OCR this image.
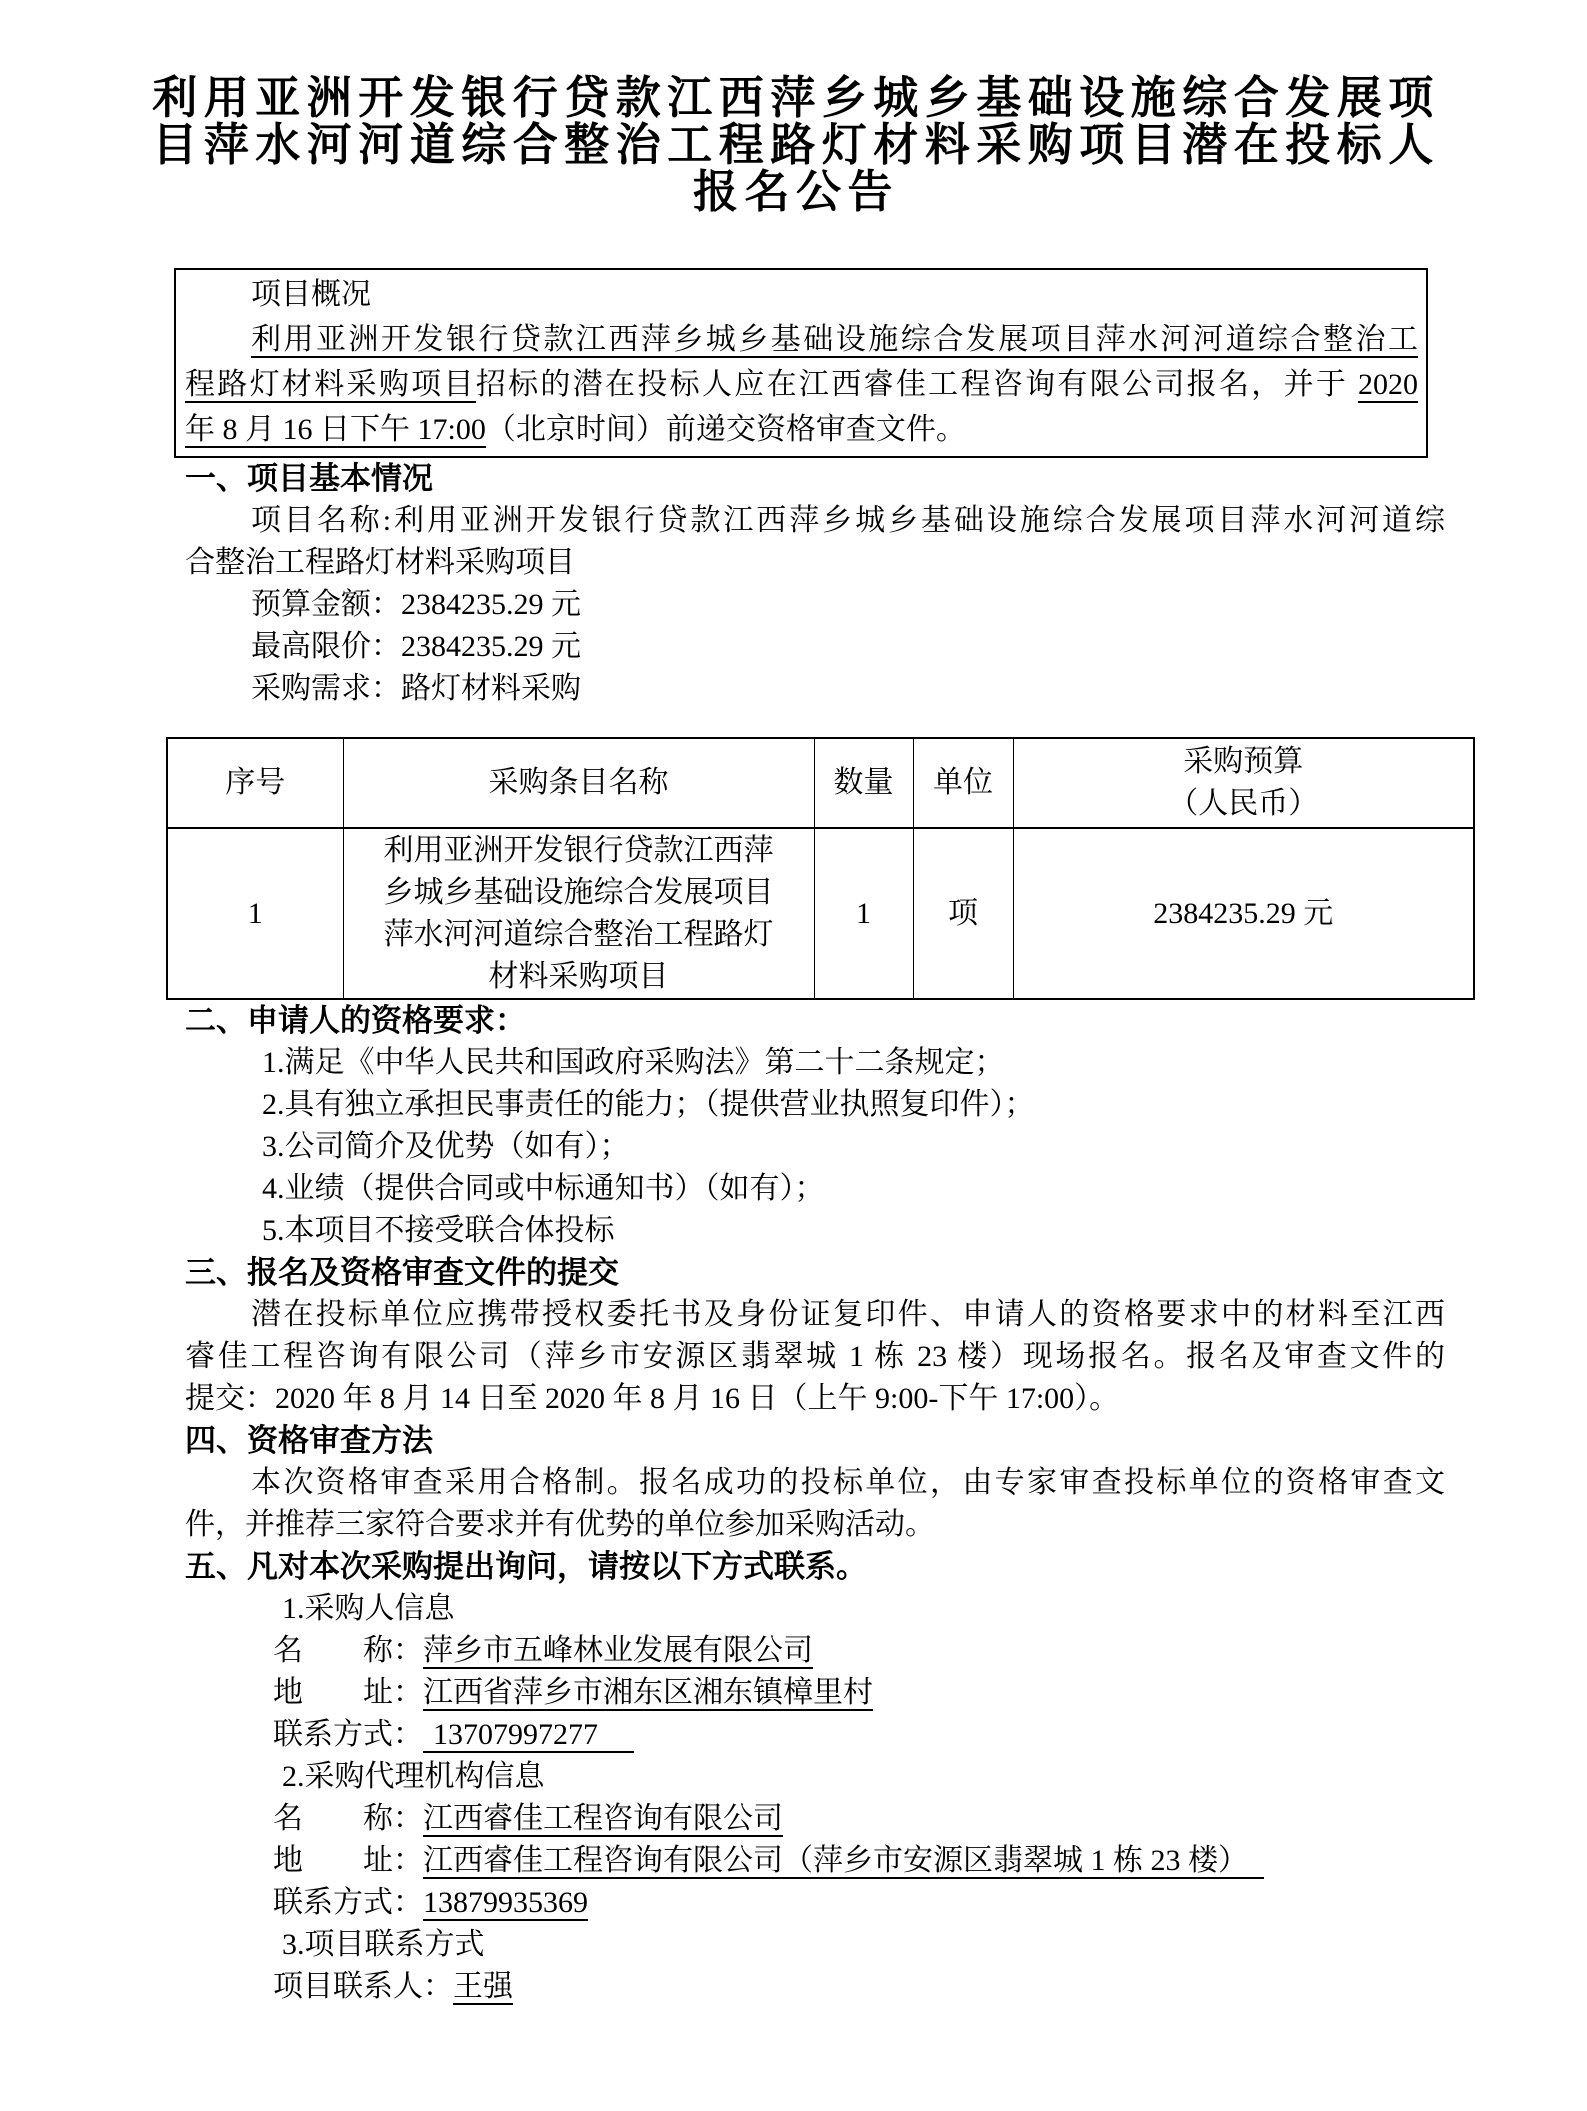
利用亚洲开发银行贷款江西萍乡城乡基础设施综合发展项
目萍水河河道综合整治工程路灯材料采购项目潜在投标人
报名公告
项目概况
利用亚洲开发银行贷款江西萍乡城乡基础设施综合发展项目萍水河河道综合整治工
程路灯材料采购项目招标的潜在投标人应在江西睿佳工程咨询有限公司报名，并于 2020
年 8 月 16 日下午 17:00（北京时间）前递交资格审查文件。
一、项目基本情况
项目名称:利用亚洲开发银行贷款江西萍乡城乡基础设施综合发展项目萍水河河道综
合整治工程路灯材料采购项目
预算金额：2384235.29 元
最高限价：2384235.29 元
采购需求：路灯材料采购
序号	采购条目名称	数量	单位	采购预算
（人民币）

1	利用亚洲开发银行贷款江西萍
乡城乡基础设施综合发展项目
萍水河河道综合整治工程路灯
材料采购项目	1	项	2384235.29 元
二、申请人的资格要求：
1.满足《中华人民共和国政府采购法》第二十二条规定；
2.具有独立承担民事责任的能力；（提供营业执照复印件）；
3.公司简介及优势（如有）；
4.业绩（提供合同或中标通知书）（如有）；
5.本项目不接受联合体投标
三、报名及资格审查文件的提交
潜在投标单位应携带授权委托书及身份证复印件、申请人的资格要求中的材料至江西
睿佳工程咨询有限公司（萍乡市安源区翡翠城 1 栋 23 楼）现场报名。报名及审查文件的
提交：2020 年 8 月 14 日至 2020 年 8 月 16 日（上午 9:00-下午 17:00）。
四、资格审查方法
本次资格审查采用合格制。报名成功的投标单位，由专家审查投标单位的资格审查文
件，并推荐三家符合要求并有优势的单位参加采购活动。
五、凡对本次采购提出询问，请按以下方式联系。
1.采购人信息
名　　称：萍乡市五峰林业发展有限公司
地　　址：江西省萍乡市湘东区湘东镇樟里村
联系方式： 13707997277
2.采购代理机构信息
名　　称：江西睿佳工程咨询有限公司
地　　址：江西睿佳工程咨询有限公司（萍乡市安源区翡翠城 1 栋 23 楼）
联系方式：13879935369
3.项目联系方式
项目联系人：王强
